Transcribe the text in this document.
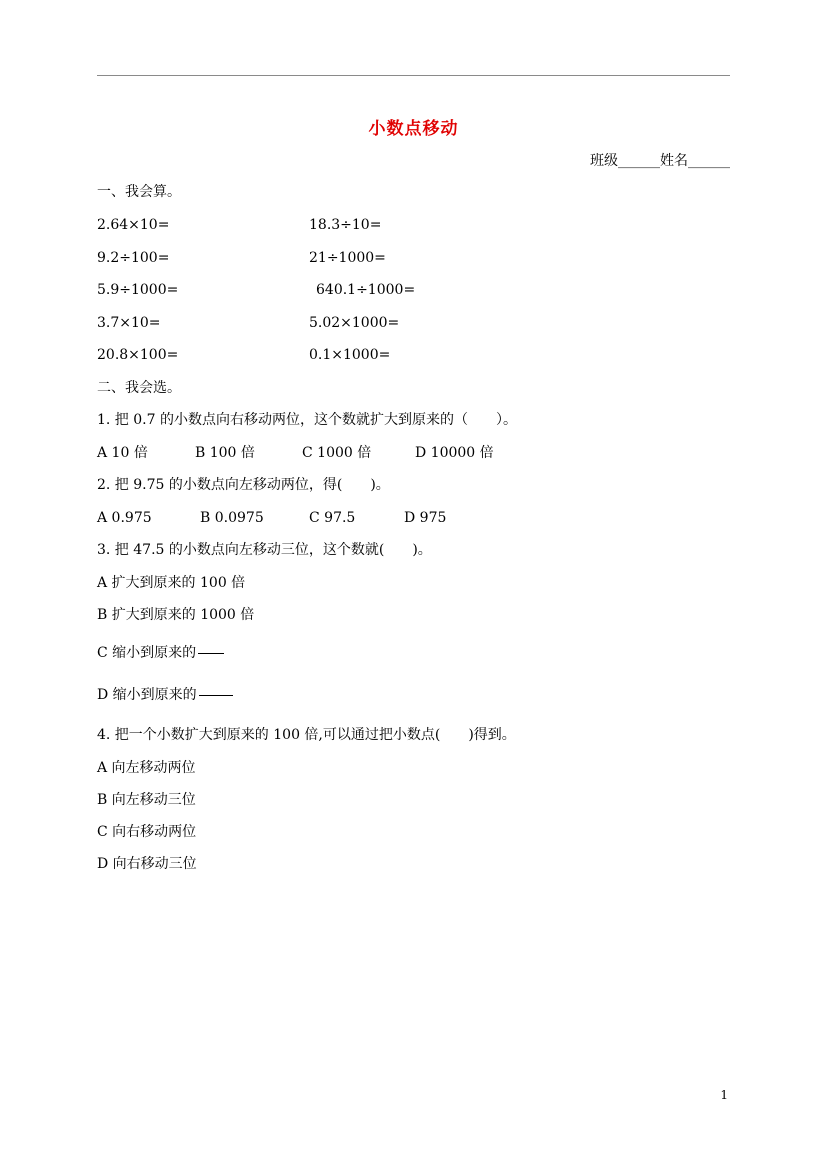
小数点移动
班级______姓名______
一、我会算。
2.64×10=	18.3÷10=
9.2÷100=	21÷1000=
5.9÷1000=	640.1÷1000=
3.7×10=	5.02×1000=
20.8×100=	0.1×1000=
二、我会选。
1. 把 0.7 的小数点向右移动两位，这个数就扩大到原来的（　　）。
A 10 倍	B 100 倍	C 1000 倍	D 10000 倍
2. 把 9.75 的小数点向左移动两位，得(　　)。
A 0.975	B 0.0975	C 97.5	D 975
3. 把 47.5 的小数点向左移动三位，这个数就(　　)。
A 扩大到原来的 100 倍
B 扩大到原来的 1000 倍
C 缩小到原来的
D 缩小到原来的
4. 把一个小数扩大到原来的 100 倍,可以通过把小数点(　　)得到。
A 向左移动两位
B 向左移动三位
C 向右移动两位
D 向右移动三位
1
